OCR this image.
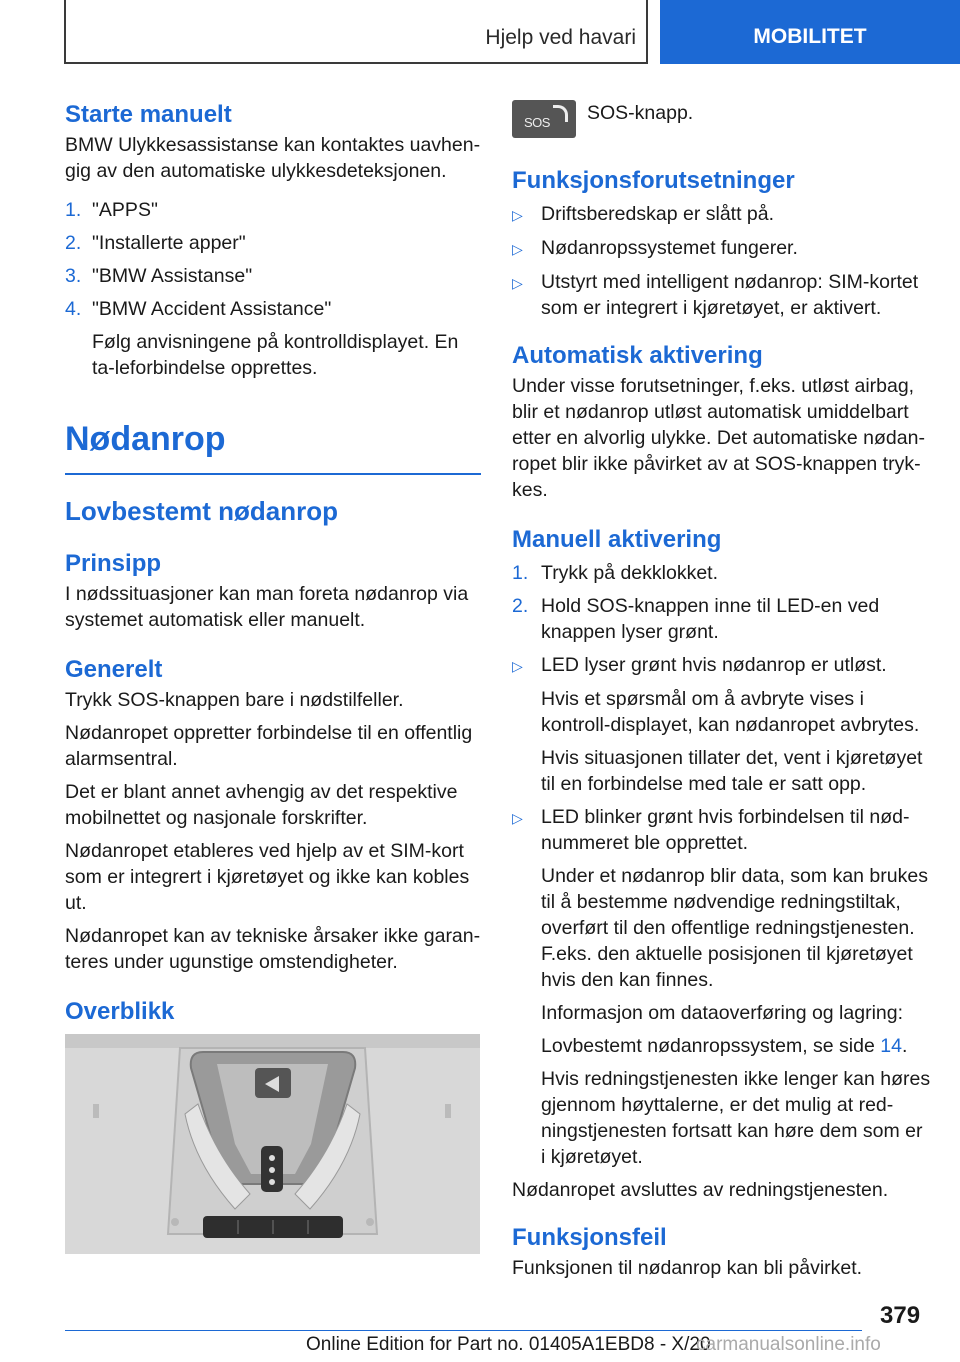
Hjelp ved havari	MOBILITET
Starte manuelt

BMW Ulykkesassistanse kan kontaktes uavhen-gig av den automatiske ulykkesdeteksjonen.

1. "APPS"
2. "Installerte apper"
3. "BMW Assistanse"
4. "BMW Accident Assistance"

Følg anvisningene på kontrolldisplayet. En ta-leforbindelse opprettes.

Nødanrop
Lovbestemt nødanrop
Prinsipp

I nødssituasjoner kan man foreta nødanrop via systemet automatisk eller manuelt.

Generelt

Trykk SOS-knappen bare i nødstilfeller.

Nødanropet oppretter forbindelse til en offentlig alarmsentral.

Det er blant annet avhengig av det respektive mobilnettet og nasjonale forskrifter.

Nødanropet etableres ved hjelp av et SIM-kort som er integrert i kjøretøyet og ikke kan kobles ut.

Nødanropet kan av tekniske årsaker ikke garan-teres under ugunstige omstendigheter.

Overblikk
SOS SOS-knapp.
Funksjonsforutsetninger
▷ Driftsberedskap er slått på.
▷ Nødanropssystemet fungerer.
▷ Utstyrt med intelligent nødanrop: SIM-kortet som er integrert i kjøretøyet, er aktivert.
Automatisk aktivering

Under visse forutsetninger, f.eks. utløst airbag, blir et nødanrop utløst automatisk umiddelbart etter en alvorlig ulykke. Det automatiske nødan-ropet blir ikke påvirket av at SOS-knappen tryk-kes.

Manuell aktivering
1. Trykk på dekklokket.
2. Hold SOS-knappen inne til LED-en ved knappen lyser grønt.
▷ LED lyser grønt hvis nødanrop er utløst.

Hvis et spørsmål om å avbryte vises i kontroll-displayet, kan nødanropet avbrytes.

Hvis situasjonen tillater det, vent i kjøretøyet til en forbindelse med tale er satt opp.

▷ LED blinker grønt hvis forbindelsen til nød-nummeret ble opprettet.

Under et nødanrop blir data, som kan brukes til å bestemme nødvendige redningstiltak, overført til den offentlige redningstjenesten. F.eks. den aktuelle posisjonen til kjøretøyet hvis den kan finnes.

Informasjon om dataoverføring og lagring:

Lovbestemt nødanropssystem, se side 14.

Hvis redningstjenesten ikke lenger kan høres gjennom høyttalerne, er det mulig at red-ningstjenesten fortsatt kan høre dem som er i kjøretøyet.

Nødanropet avsluttes av redningstjenesten.

Funksjonsfeil

Funksjonen til nødanrop kan bli påvirket.

379
Online Edition for Part no. 01405A1EBD8 - X/20
carmanualsonline.info
